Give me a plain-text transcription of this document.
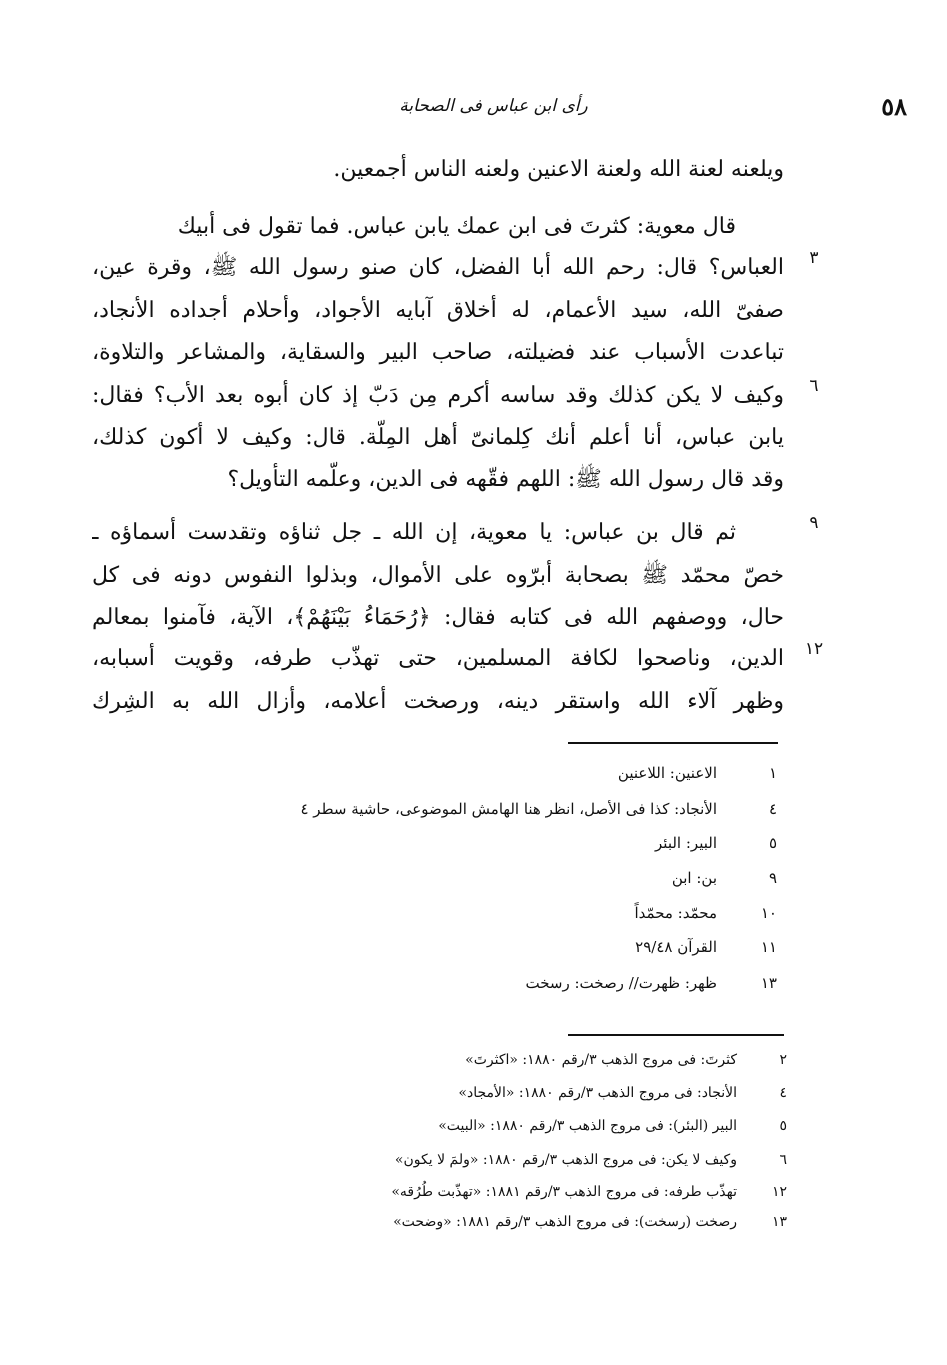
٥٨
رأى ابن عباس فى الصحابة
ويلعنه لعنة الله ولعنة الاعنين ولعنه الناس أجمعين.
قال معوية: كثرتَ فى ابن عمك يابن عباس. فما تقول فى أبيك
العباس؟ قال: رحم الله أبا الفضل، كان صنو رسول الله ﷺ، وقرة عين،
صفىّ الله، سيد الأعمام، له أخلاق آبايه الأجواد، وأحلام أجداده الأنجاد،
تباعدت الأسباب عند فضيلته، صاحب البير والسقاية، والمشاعر والتلاوة،
وكيف لا يكن كذلك وقد ساسه أكرم مِن دَبّ إذ كان أبوه بعد الأب؟ فقال:
يابن عباس، أنا أعلم أنك كِلمانىّ أهل المِلّة. قال: وكيف لا أكون كذلك،
وقد قال رسول الله ﷺ: اللهم فقّهه فى الدين، وعلّمه التأويل؟
ثم قال بن عباس: يا معوية، إن الله ـ جل ثناؤه وتقدست أسماؤه ـ
خصّ محمّد ﷺ بصحابة أبرّوه على الأموال، وبذلوا النفوس دونه فى كل
حال، ووصفهم الله فى كتابه فقال: ﴿رُحَمَاءُ بَيْنَهُمْ﴾، الآية، فآمنوا بمعالم
الدين، وناصحوا لكافة المسلمين، حتى تهذّب طرفه، وقويت أسبابه،
وظهر آلاء الله واستقر دينه، ورصخت أعلامه، وأزال الله به الشِرك
٣
٦
٩
١٢
١الاعنين: اللاعنين
٤الأنجاد: كذا فى الأصل، انظر هنا الهامش الموضوعى، حاشية سطر ٤
٥البير: البئر
٩بن: ابن
١٠محمّد: محمّداً
١١القرآن ٢٩/٤٨
١٣ظهر: ظهرت// رصخت: رسخت
٢كثرتَ: فى مروج الذهب ٣/رقم ١٨٨٠: «اكثرتَ»
٤الأنجاد: فى مروج الذهب ٣/رقم ١٨٨٠: «الأمجاد»
٥البير (البئر): فى مروج الذهب ٣/رقم ١٨٨٠: «البيت»
٦وكيف لا يكن: فى مروج الذهب ٣/رقم ١٨٨٠: «ولمَ لا يكون»
١٢تهذّب طرفه: فى مروج الذهب ٣/رقم ١٨٨١: «تهذّبت طُرُقه»
١٣رصخت (رسخت): فى مروج الذهب ٣/رقم ١٨٨١: «وضحت»
